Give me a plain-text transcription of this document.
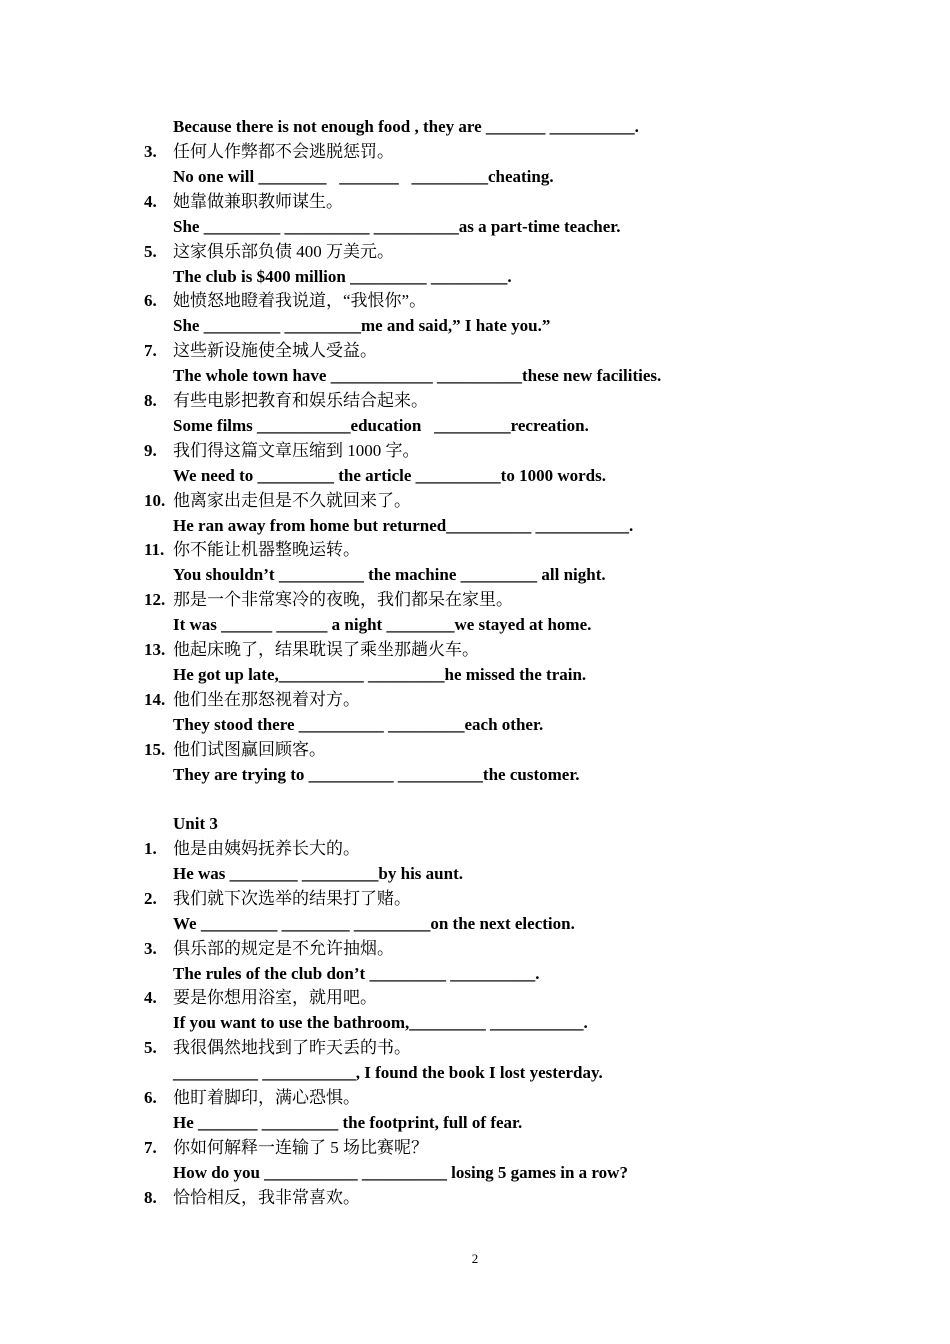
Because there is not enough food , they are _______ __________.
3. 任何人作弊都不会逃脱惩罚。
No one will ________   _______   _________cheating.
4. 她靠做兼职教师谋生。
She _________ __________ __________as a part-time teacher.
5. 这家俱乐部负债 400 万美元。
The club is $400 million _________ _________.
6. 她愤怒地瞪着我说道，“我恨你”。
She _________ _________me and said,” I hate you.”
7. 这些新设施使全城人受益。
The whole town have ____________ __________these new facilities.
8. 有些电影把教育和娱乐结合起来。
Some films ___________education   _________recreation.
9. 我们得这篇文章压缩到 1000 字。
We need to _________ the article __________to 1000 words.
10. 他离家出走但是不久就回来了。
He ran away from home but returned__________ ___________.
11. 你不能让机器整晚运转。
You shouldn’t __________ the machine _________ all night.
12. 那是一个非常寒冷的夜晚，我们都呆在家里。
It was ______ ______ a night ________we stayed at home.
13. 他起床晚了，结果耽误了乘坐那趟火车。
He got up late,__________ _________he missed the train.
14. 他们坐在那怒视着对方。
They stood there __________ _________each other.
15. 他们试图赢回顾客。
They are trying to __________ __________the customer.
Unit 3
1. 他是由姨妈抚养长大的。
He was ________ _________by his aunt.
2. 我们就下次选举的结果打了赌。
We _________ ________ _________on the next election.
3. 俱乐部的规定是不允许抽烟。
The rules of the club don’t _________ __________.
4. 要是你想用浴室，就用吧。
If you want to use the bathroom,_________ ___________.
5. 我很偶然地找到了昨天丢的书。
__________ ___________, I found the book I lost yesterday.
6. 他盯着脚印，满心恐惧。
He _______ _________ the footprint, full of fear.
7. 你如何解释一连输了 5 场比赛呢？
How do you ___________ __________ losing 5 games in a row?
8. 恰恰相反，我非常喜欢。
2
